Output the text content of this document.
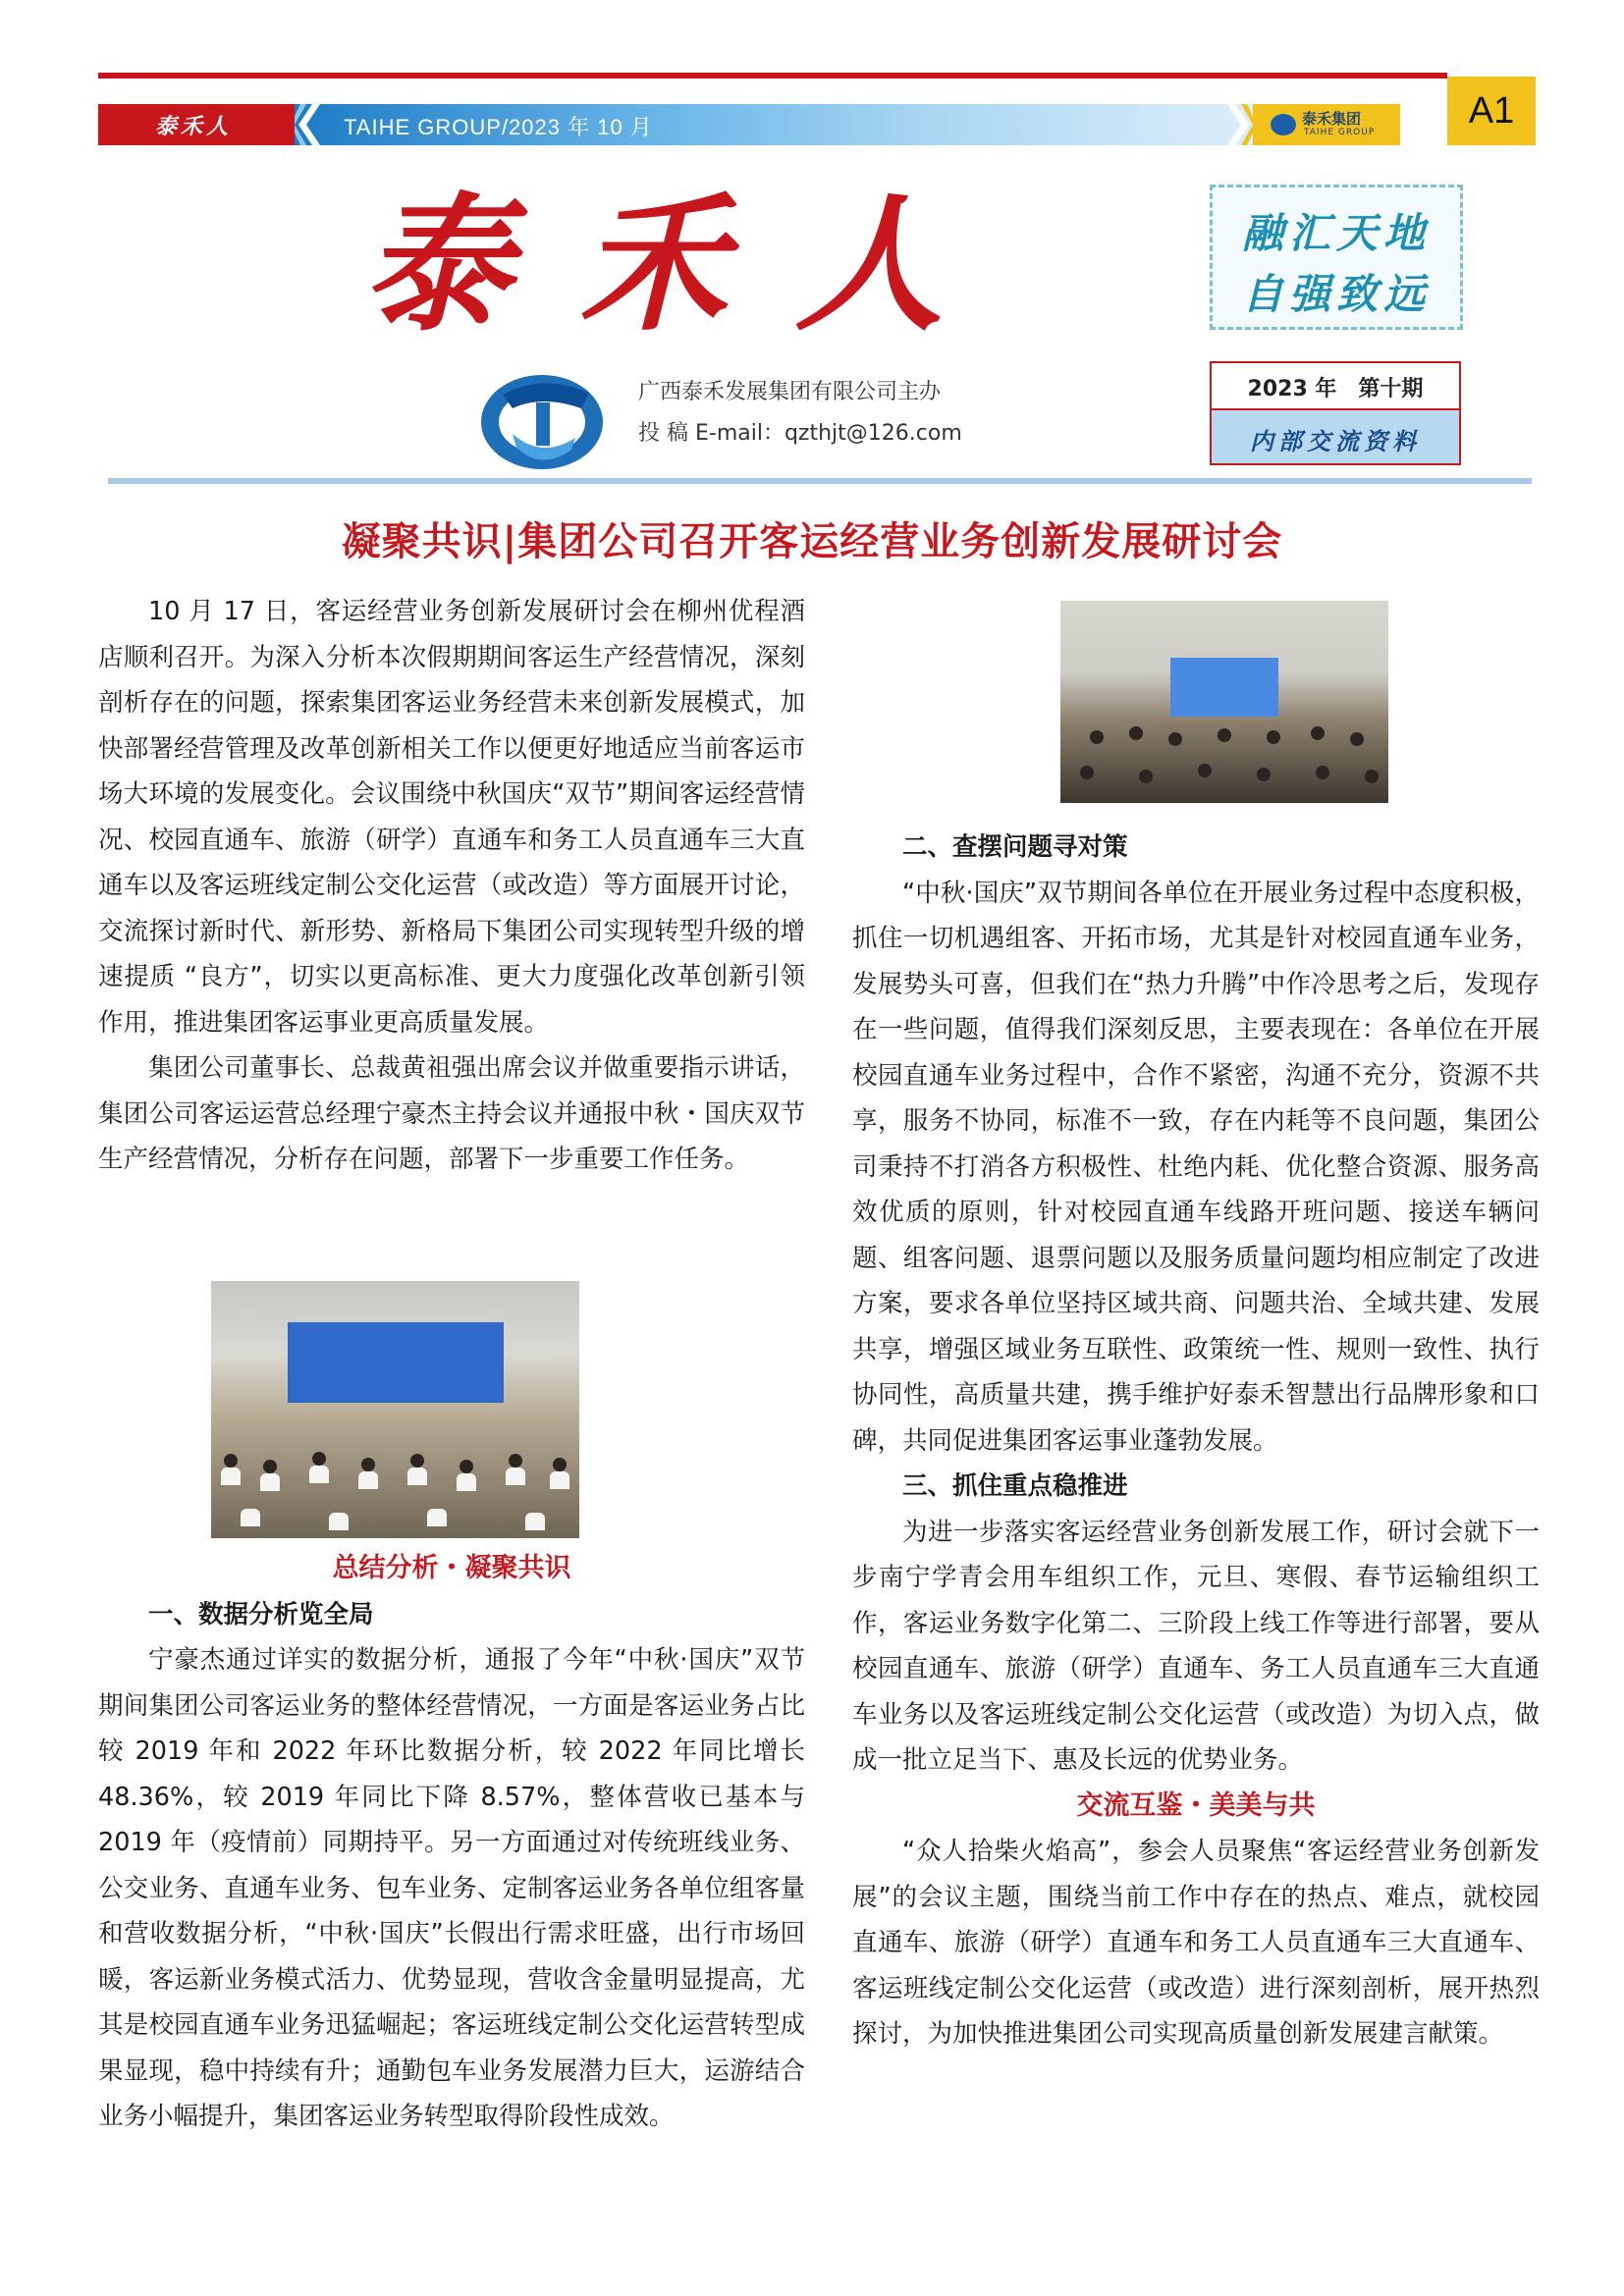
泰禾人	TAIHE GROUP/2023 年 10 月	泰禾集团
TAIHE GROUP
A1
泰禾人	融汇天地
自强致远
广西泰禾发展集团有限公司主办
投 稿 E-mail：qzthjt@126.com
2023 年　第十期
内部交流资料
凝聚共识|集团公司召开客运经营业务创新发展研讨会

10 月 17 日，客运经营业务创新发展研讨会在柳州优程酒店顺利召开。为深入分析本次假期期间客运生产经营情况，深刻剖析存在的问题，探索集团客运业务经营未来创新发展模式，加快部署经营管理及改革创新相关工作以便更好地适应当前客运市场大环境的发展变化。会议围绕中秋国庆“双节”期间客运经营情况、校园直通车、旅游（研学）直通车和务工人员直通车三大直通车以及客运班线定制公交化运营（或改造）等方面展开讨论，交流探讨新时代、新形势、新格局下集团公司实现转型升级的增速提质 “良方”，切实以更高标准、更大力度强化改革创新引领作用，推进集团客运事业更高质量发展。

集团公司董事长、总裁黄祖强出席会议并做重要指示讲话，集团公司客运运营总经理宁豪杰主持会议并通报中秋・国庆双节生产经营情况，分析存在问题，部署下一步重要工作任务。

总结分析・凝聚共识

一、数据分析览全局

宁豪杰通过详实的数据分析，通报了今年“中秋·国庆”双节期间集团公司客运业务的整体经营情况，一方面是客运业务占比较 2019 年和 2022 年环比数据分析，较 2022 年同比增长 48.36%，较 2019 年同比下降 8.57%，整体营收已基本与 2019 年（疫情前）同期持平。另一方面通过对传统班线业务、公交业务、直通车业务、包车业务、定制客运业务各单位组客量和营收数据分析，“中秋·国庆”长假出行需求旺盛，出行市场回暖，客运新业务模式活力、优势显现，营收含金量明显提高，尤其是校园直通车业务迅猛崛起；客运班线定制公交化运营转型成果显现，稳中持续有升；通勤包车业务发展潜力巨大，运游结合业务小幅提升，集团客运业务转型取得阶段性成效。

二、查摆问题寻对策

“中秋·国庆”双节期间各单位在开展业务过程中态度积极，抓住一切机遇组客、开拓市场，尤其是针对校园直通车业务，发展势头可喜，但我们在“热力升腾”中作冷思考之后，发现存在一些问题，值得我们深刻反思，主要表现在：各单位在开展校园直通车业务过程中，合作不紧密，沟通不充分，资源不共享，服务不协同，标准不一致，存在内耗等不良问题，集团公司秉持不打消各方积极性、杜绝内耗、优化整合资源、服务高效优质的原则，针对校园直通车线路开班问题、接送车辆问题、组客问题、退票问题以及服务质量问题均相应制定了改进方案，要求各单位坚持区域共商、问题共治、全域共建、发展共享，增强区域业务互联性、政策统一性、规则一致性、执行协同性，高质量共建，携手维护好泰禾智慧出行品牌形象和口碑，共同促进集团客运事业蓬勃发展。

三、抓住重点稳推进

为进一步落实客运经营业务创新发展工作，研讨会就下一步南宁学青会用车组织工作，元旦、寒假、春节运输组织工作，客运业务数字化第二、三阶段上线工作等进行部署，要从校园直通车、旅游（研学）直通车、务工人员直通车三大直通车业务以及客运班线定制公交化运营（或改造）为切入点，做成一批立足当下、惠及长远的优势业务。

交流互鉴・美美与共

“众人拾柴火焰高”，参会人员聚焦“客运经营业务创新发展”的会议主题，围绕当前工作中存在的热点、难点，就校园直通车、旅游（研学）直通车和务工人员直通车三大直通车、客运班线定制公交化运营（或改造）进行深刻剖析，展开热烈探讨，为加快推进集团公司实现高质量创新发展建言献策。
